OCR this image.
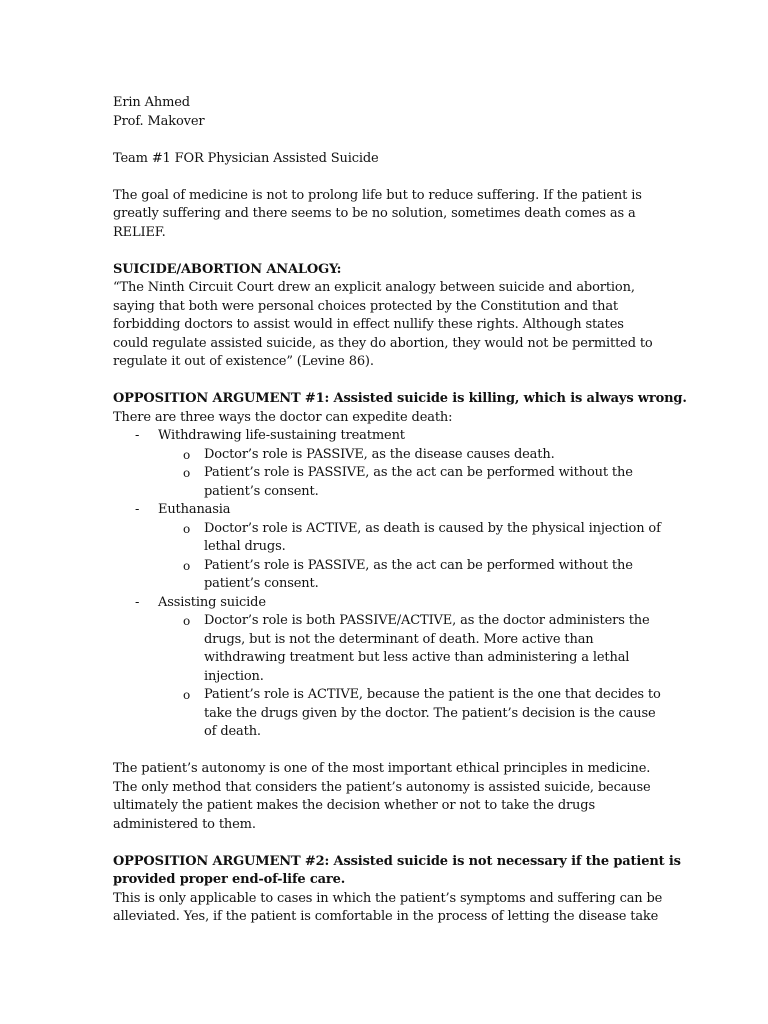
Erin Ahmed
Prof. Makover
Team #1 FOR Physician Assisted Suicide
The goal of medicine is not to prolong life but to reduce suffering. If the patient is
greatly suffering and there seems to be no solution, sometimes death comes as a
RELIEF.
SUICIDE/ABORTION ANALOGY:
“The Ninth Circuit Court drew an explicit analogy between suicide and abortion,
saying that both were personal choices protected by the Constitution and that
forbidding doctors to assist would in effect nullify these rights. Although states
could regulate assisted suicide, as they do abortion, they would not be permitted to
regulate it out of existence” (Levine 86).
OPPOSITION ARGUMENT #1: Assisted suicide is killing, which is always wrong.
There are three ways the doctor can expedite death:
- Withdrawing life-sustaining treatment
o Doctor’s role is PASSIVE, as the disease causes death.
o Patient’s role is PASSIVE, as the act can be performed without the
patient’s consent.
- Euthanasia
o Doctor’s role is ACTIVE, as death is caused by the physical injection of
lethal drugs.
o Patient’s role is PASSIVE, as the act can be performed without the
patient’s consent.
- Assisting suicide
o Doctor’s role is both PASSIVE/ACTIVE, as the doctor administers the
drugs, but is not the determinant of death. More active than
withdrawing treatment but less active than administering a lethal
injection.
o Patient’s role is ACTIVE, because the patient is the one that decides to
take the drugs given by the doctor. The patient’s decision is the cause
of death.
The patient’s autonomy is one of the most important ethical principles in medicine.
The only method that considers the patient’s autonomy is assisted suicide, because
ultimately the patient makes the decision whether or not to take the drugs
administered to them.
OPPOSITION ARGUMENT #2: Assisted suicide is not necessary if the patient is
provided proper end-of-life care.
This is only applicable to cases in which the patient’s symptoms and suffering can be
alleviated. Yes, if the patient is comfortable in the process of letting the disease take
